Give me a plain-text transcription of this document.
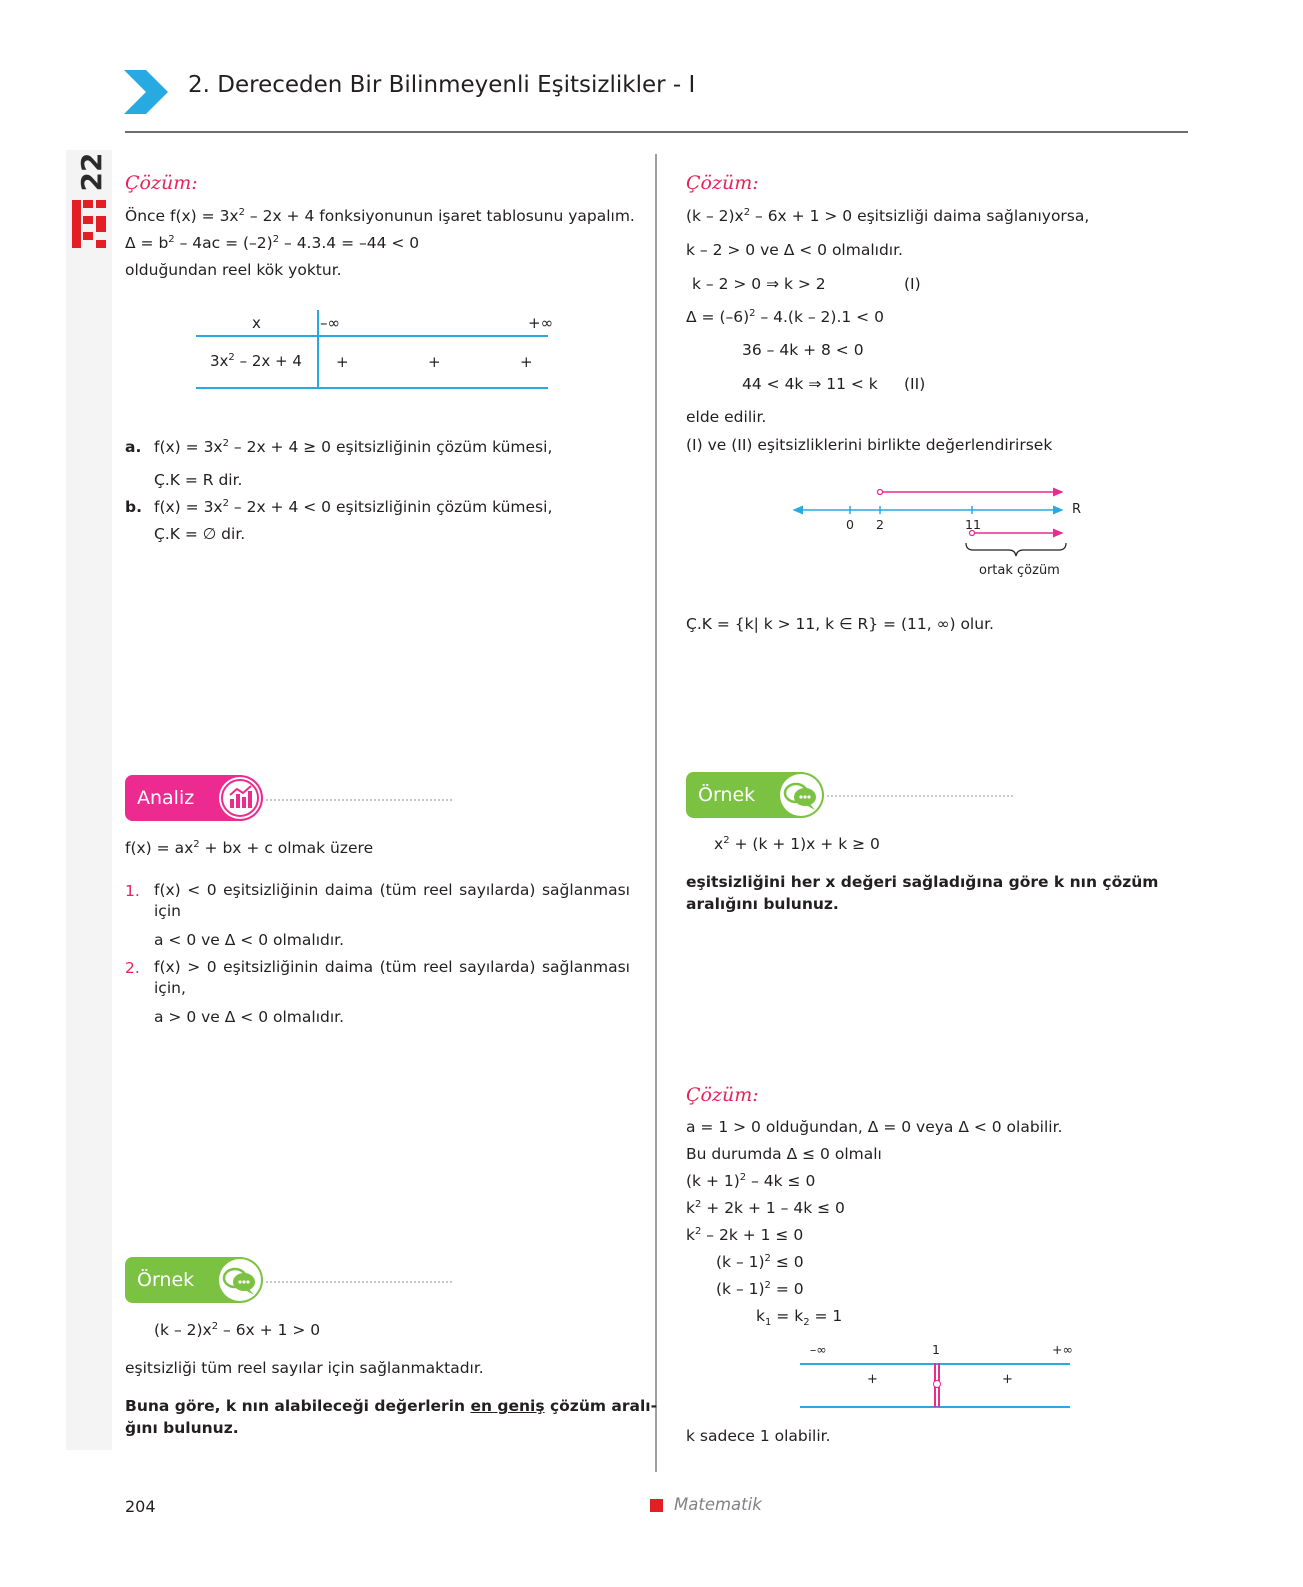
22
FÖY
2. Dereceden Bir Bilinmeyenli Eşitsizlikler - I
Çözüm:
Önce $f(x) = 3x^2 - 2x + 4$ fonksiyonunun işaret tablosunu yapalım.
$\Delta = b^2 - 4ac = (-2)^2 - 4.3.4 = -44 < 0$
olduğundan reel kök yoktur.
x	–∞	+∞
$3x^2 - 2x + 4$ +	+	+
a. $f(x) = 3x^2 - 2x + 4 \ge 0$ eşitsizliğinin çözüm kümesi,
Ç.K = R dir.
b. $f(x) = 3x^2 - 2x + 4 < 0$ eşitsizliğinin çözüm kümesi,
Ç.K = ∅ dir.
Analiz
$f(x) = ax^2$ + bx + c olmak üzere
1. f(x) < 0 eşitsizliğinin daima (tüm reel sayılarda) sağlanması için
a < 0 ve Δ < 0 olmalıdır.
2. f(x) > 0 eşitsizliğinin daima (tüm reel sayılarda) sağlanması için,
a > 0 ve Δ < 0 olmalıdır.
Örnek
$(k - 2)x^2 - 6x + 1 > 0$
eşitsizliği tüm reel sayılar için sağlanmaktadır.
Buna göre, k nın alabileceği değerlerin en geniş çözüm aralı-
ğını bulunuz.
Çözüm:
$(k - 2)x^2 - 6x + 1 > 0$ eşitsizliği daima sağlanıyorsa,
k – 2 > 0 ve Δ < 0 olmalıdır.
k – 2 > 0 ⇒ k > 2	(I)
$\Delta = (-6)^2 - 4.(k - 2).1 < 0$
36 – 4k + 8 < 0
44 < 4k ⇒ 11 < k (II)
elde edilir.
(I) ve (II) eşitsizliklerini birlikte değerlendirirsek
0 2	11
R
ortak çözüm
Ç.K = {k| k > 11, k ∈ R} = (11, ∞) olur.
Örnek
$x^2 + (k + 1)x + k \ge 0$
eşitsizliğini her x değeri sağladığına göre k nın çözüm aralığını bulunuz.
Çözüm:
a = 1 > 0 olduğundan, Δ = 0 veya Δ < 0 olabilir.
Bu durumda Δ ≤ 0 olmalı
$(k + 1)^2 - 4k \le 0$
$k^2 + 2k + 1 - 4k \le 0$
$k^2 - 2k + 1 \le 0$
(k – 1)$^2$ ≤ 0
(k – 1)$^2$ = 0
$k_1 = k_2 = 1$
–∞	1	+∞
+	+
k sadece 1 olabilir.
204	Matematik
